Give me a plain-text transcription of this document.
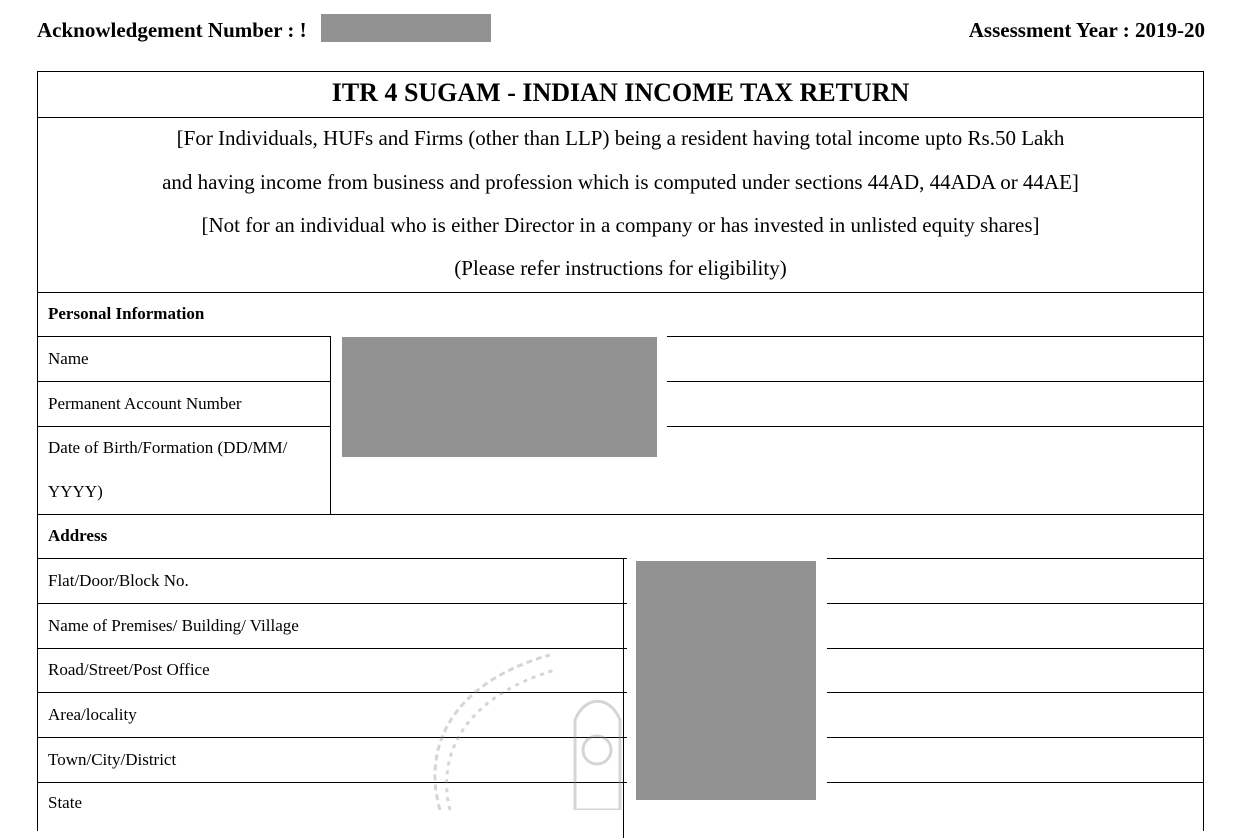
Acknowledgement Number : !	Assessment Year : 2019-20
ITR 4 SUGAM - INDIAN INCOME TAX RETURN
[For Individuals, HUFs and Firms (other than LLP) being a resident having total income upto Rs.50 Lakh
and having income from business and profession which is computed under sections 44AD, 44ADA or 44AE]
[Not for an individual who is either Director in a company or has invested in unlisted equity shares]
(Please refer instructions for eligibility)
Personal Information
Name
Permanent Account Number
Date of Birth/Formation (DD/MM/
YYYY)
Address
Flat/Door/Block No.
Name of Premises/ Building/ Village
Road/Street/Post Office
Area/locality
Town/City/District
State
